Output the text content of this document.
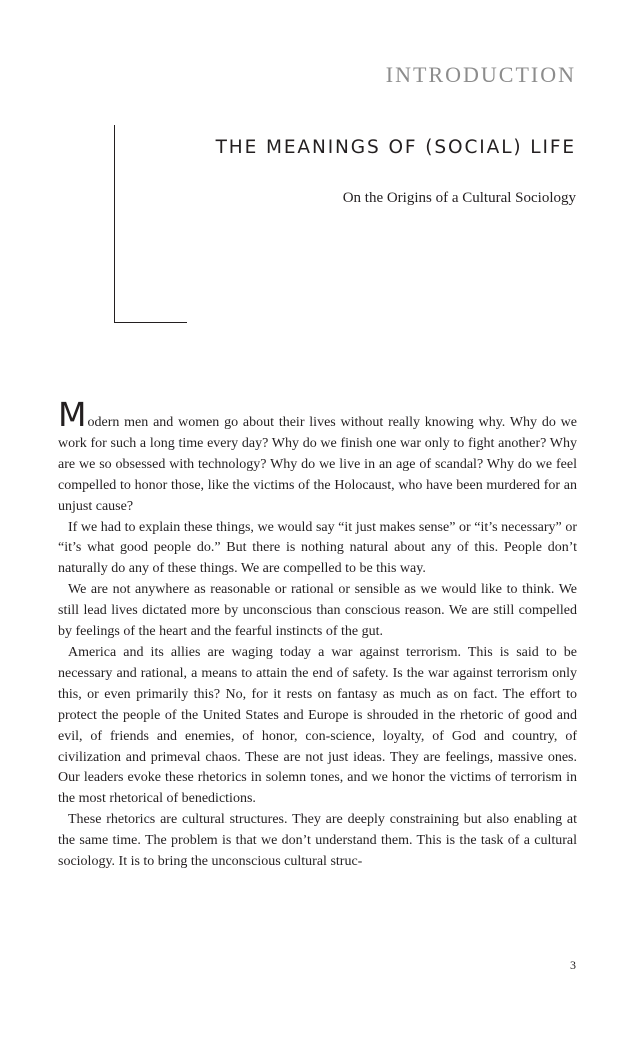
INTRODUCTION
THE MEANINGS OF (SOCIAL) LIFE
On the Origins of a Cultural Sociology

Modern men and women go about their lives without really knowing why. Why do we work for such a long time every day? Why do we finish one war only to fight another? Why are we so obsessed with technology? Why do we live in an age of scandal? Why do we feel compelled to honor those, like the victims of the Holocaust, who have been murdered for an unjust cause?

If we had to explain these things, we would say “it just makes sense” or “it’s necessary” or “it’s what good people do.” But there is nothing natural about any of this. People don’t naturally do any of these things. We are compelled to be this way.

We are not anywhere as reasonable or rational or sensible as we would like to think. We still lead lives dictated more by unconscious than conscious reason. We are still compelled by feelings of the heart and the fearful instincts of the gut.

America and its allies are waging today a war against terrorism. This is said to be necessary and rational, a means to attain the end of safety. Is the war against terrorism only this, or even primarily this? No, for it rests on fantasy as much as on fact. The effort to protect the people of the United States and Europe is shrouded in the rhetoric of good and evil, of friends and enemies, of honor, con-science, loyalty, of God and country, of civilization and primeval chaos. These are not just ideas. They are feelings, massive ones. Our leaders evoke these rhetorics in solemn tones, and we honor the victims of terrorism in the most rhetorical of benedictions.

These rhetorics are cultural structures. They are deeply constraining but also enabling at the same time. The problem is that we don’t understand them. This is the task of a cultural sociology. It is to bring the unconscious cultural struc-

3
